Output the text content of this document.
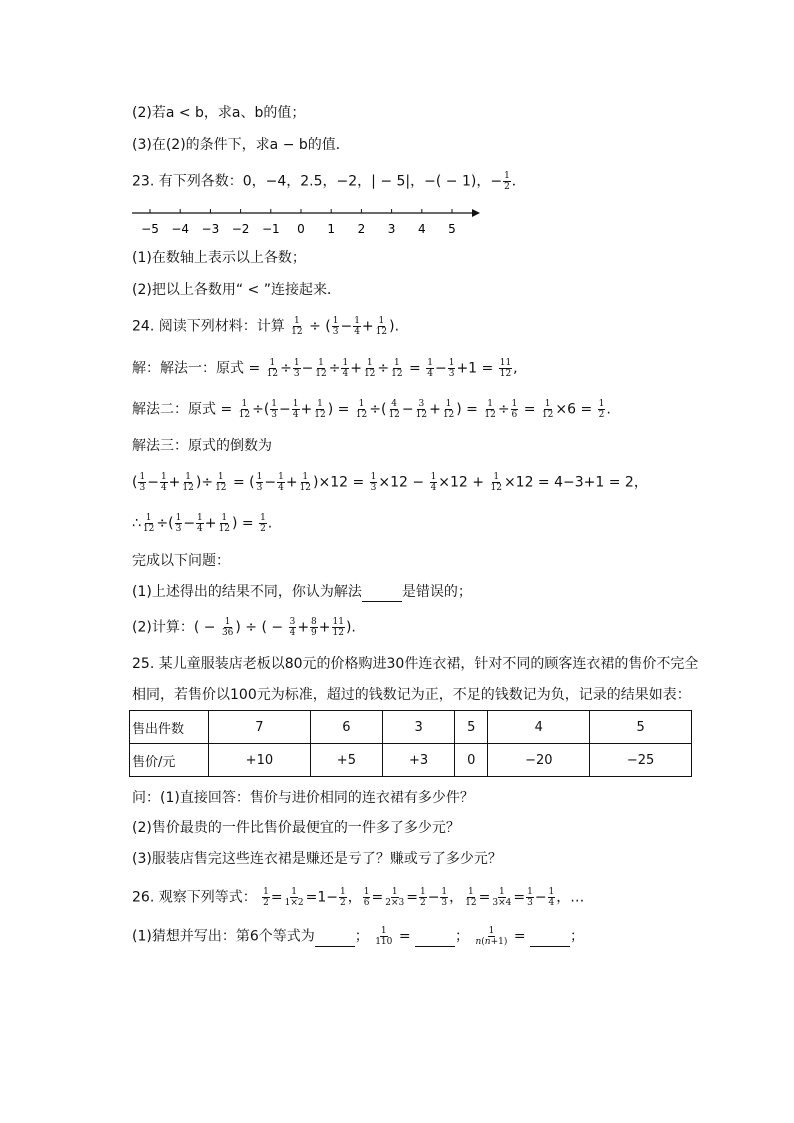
(2)若a < b，求a、b的值；
(3)在(2)的条件下，求a − b的值．
23. 有下列各数：0，−4，2.5，−2，| − 5|，−( − 1)，− $\frac{1}{2}$ ．
−5 −4 −3 −2 −1 0 1 2 3 4 5
(1)在数轴上表示以上各数；
(2)把以上各数用“ < ”连接起来．
24. 阅读下列材料：计算 $\frac{1}{12}$ ÷ ( $\frac{1}{3} - \frac{1}{4} + \frac{1}{12}$ ).
解：解法一：原式 = $\frac{1}{12} \div \frac{1}{3} - \frac{1}{12} \div \frac{1}{4} + \frac{1}{12} \div \frac{1}{12} = \frac{1}{4} - \frac{1}{3} +1 = \frac{11}{12}$ ,
解法二：原式 = $\frac{1}{12}$ ÷( $\frac{1}{3} - \frac{1}{4} + \frac{1}{12}$ ) = $\frac{1}{12}$ ÷( $\frac{4}{12} - \frac{3}{12} + \frac{1}{12}$ ) = $\frac{1}{12} \div \frac{1}{6} = \frac{1}{12} \times 6 = \frac{1}{2}$ .
解法三：原式的倒数为
( $\frac{1}{3} - \frac{1}{4} + \frac{1}{12}$ )÷ $\frac{1}{12}$ = ( $\frac{1}{3} - \frac{1}{4} + \frac{1}{12} )\times 12 = \frac{1}{3} \times 12 - \frac{1}{4} \times 12 + \frac{1}{12} \times 12 = 4-3+1 = 2$，
∴ $\frac{1}{12}$ ÷( $\frac{1}{3} - \frac{1}{4} + \frac{1}{12}$ ) = $\frac{1}{2}$ .
完成以下问题：
(1)上述得出的结果不同，你认为解法	是错误的；
(2)计算：( − $\frac{1}{36}$ ) ÷ ( − $\frac{3}{4} + \frac{8}{9} + \frac{11}{12}$ ).
25. 某儿童服装店老板以80元的价格购进30件连衣裙，针对不同的顾客连衣裙的售价不完全
相同，若售价以100元为标准，超过的钱数记为正，不足的钱数记为负，记录的结果如表：
售出件数	7	6	3	5	4	5
售价/元	+10	+5	+3	0	−20	−25
问：(1)直接回答：售价与进价相同的连衣裙有多少件？
(2)售价最贵的一件比售价最便宜的一件多了多少元？
(3)服装店售完这些连衣裙是赚还是亏了？赚或亏了多少元？
26. 观察下列等式： $\frac{1}{2} = \frac{1}{1\times 2} =1- \frac{1}{2}$ ， $\frac{1}{6} = \frac{1}{2\times 3} = \frac{1}{2} - \frac{1}{3}$ ， $\frac{1}{12} = \frac{1}{3\times 4} = \frac{1}{3} - \frac{1}{4}$ ，…
(1)猜想并写出：第6个等式为	； $\frac{1}{110}$ =	； $\frac{1}{n(n+1)}$ =	；
